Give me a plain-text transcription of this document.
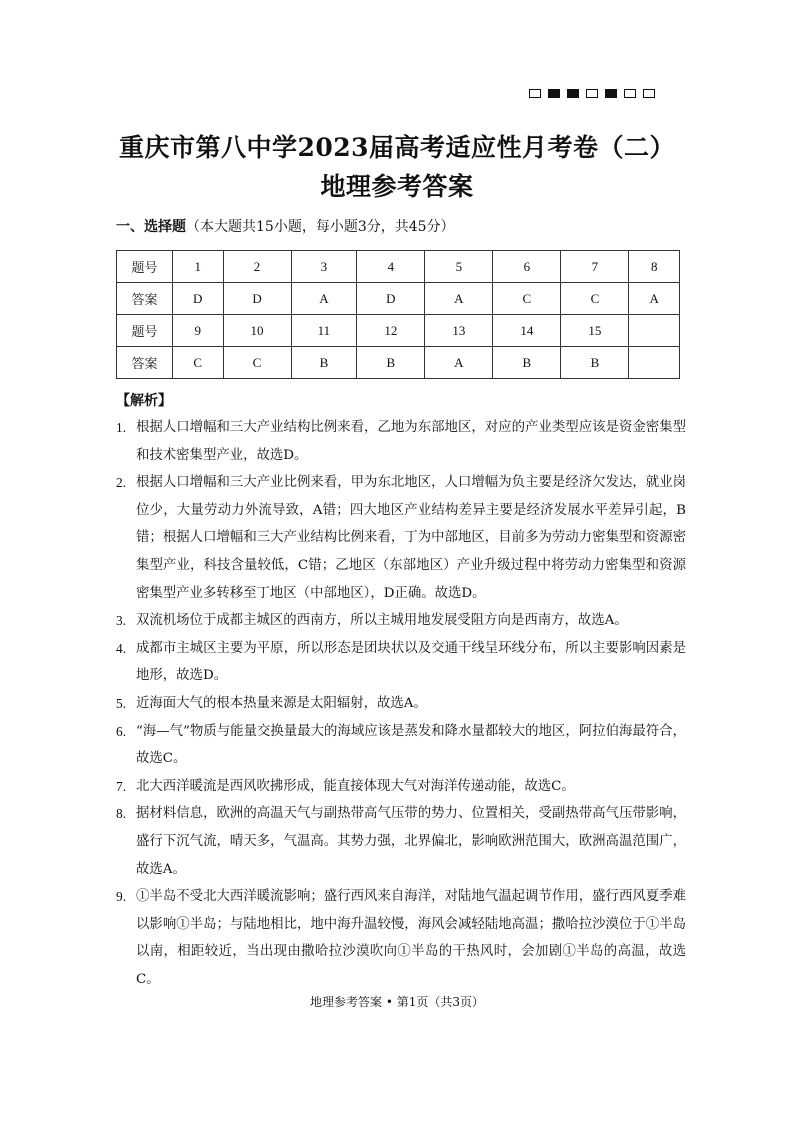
重庆市第八中学2023届高考适应性月考卷（二）
地理参考答案
一、选择题（本大题共15小题，每小题3分，共45分）
题号	1	2	3	4	5	6	7	8
答案	D	D	A	D	A	C	C	A
题号	9	10	11	12	13	14	15	
答案	C	C	B	B	A	B	B	
【解析】
1. 根据人口增幅和三大产业结构比例来看，乙地为东部地区，对应的产业类型应该是资金密集型和技术密集型产业，故选D。
2. 根据人口增幅和三大产业比例来看，甲为东北地区，人口增幅为负主要是经济欠发达，就业岗位少，大量劳动力外流导致，A错；四大地区产业结构差异主要是经济发展水平差异引起，B错；根据人口增幅和三大产业结构比例来看，丁为中部地区，目前多为劳动力密集型和资源密集型产业，科技含量较低，C错；乙地区（东部地区）产业升级过程中将劳动力密集型和资源密集型产业多转移至丁地区（中部地区），D正确。故选D。
3. 双流机场位于成都主城区的西南方，所以主城用地发展受阻方向是西南方，故选A。
4. 成都市主城区主要为平原，所以形态是团块状以及交通干线呈环线分布，所以主要影响因素是地形，故选D。
5. 近海面大气的根本热量来源是太阳辐射，故选A。
6. “海—气”物质与能量交换量最大的海域应该是蒸发和降水量都较大的地区，阿拉伯海最符合，故选C。
7. 北大西洋暖流是西风吹拂形成，能直接体现大气对海洋传递动能，故选C。
8. 据材料信息，欧洲的高温天气与副热带高气压带的势力、位置相关，受副热带高气压带影响，盛行下沉气流，晴天多，气温高。其势力强，北界偏北，影响欧洲范围大，欧洲高温范围广，故选A。
9. ①半岛不受北大西洋暖流影响；盛行西风来自海洋，对陆地气温起调节作用，盛行西风夏季难以影响①半岛；与陆地相比，地中海升温较慢，海风会减轻陆地高温；撒哈拉沙漠位于①半岛以南，相距较近，当出现由撒哈拉沙漠吹向①半岛的干热风时，会加剧①半岛的高温，故选C。
地理参考答案 • 第1页（共3页）
